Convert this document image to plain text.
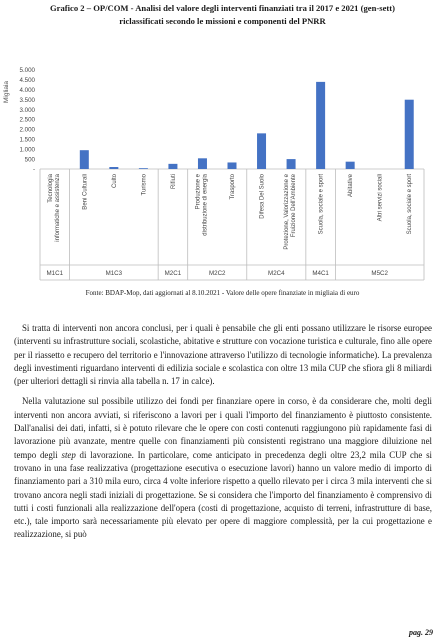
Grafico 2 – OP/COM - Analisi del valore degli interventi finanziati tra il 2017 e 2021 (gen-sett)
riclassificati secondo le missioni e componenti del PNRR
Migliaia
-
500
1.000
1.500
2.000
2.500
3.000
3.500
4.000
4.500
5.000
Tecnologiainformatiche e assistenza	Beni Culturali	Culto	Turismo	Rifiuti	Produzione edistribuzione di energia	Trasporto	Difesa Del Suolo	Protezione, Valorizzazione eFruizione Dell'Ambiente	Scuola, sociale e sport	Abitative	Altri servizi sociali	Scuola, sociale e sport
M1C1	M1C3	M2C1	M2C2	M2C4	M4C1	M5C2
Fonte: BDAP-Mop, dati aggiornati al 8.10.2021 - Valore delle opere finanziate in migliaia di euro

Si tratta di interventi non ancora conclusi, per i quali è pensabile che gli enti possano utilizzare le risorse europee (interventi su infrastrutture sociali, scolastiche, abitative e strutture con vocazione turistica e culturale, fino alle opere per il riassetto e recupero del territorio e l'innovazione attraverso l'utilizzo di tecnologie informatiche). La prevalenza degli investimenti riguardano interventi di edilizia sociale e scolastica con oltre 13 mila CUP che sfiora gli 8 miliardi (per ulteriori dettagli si rinvia alla tabella n. 17 in calce).

Nella valutazione sul possibile utilizzo dei fondi per finanziare opere in corso, è da considerare che, molti degli interventi non ancora avviati, si riferiscono a lavori per i quali l'importo del finanziamento è piuttosto consistente. Dall'analisi dei dati, infatti, si è potuto rilevare che le opere con costi contenuti raggiungono più rapidamente fasi di lavorazione più avanzate, mentre quelle con finanziamenti più consistenti registrano una maggiore diluizione nel tempo degli step di lavorazione. In particolare, come anticipato in precedenza degli oltre 23,2 mila CUP che si trovano in una fase realizzativa (progettazione esecutiva o esecuzione lavori) hanno un valore medio di importo di finanziamento pari a 310 mila euro, circa 4 volte inferiore rispetto a quello rilevato per i circa 3 mila interventi che si trovano ancora negli stadi iniziali di progettazione. Se si considera che l'importo del finanziamento è comprensivo di tutti i costi funzionali alla realizzazione dell'opera (costi di progettazione, acquisto di terreni, infrastrutture di base, etc.), tale importo sarà necessariamente più elevato per opere di maggiore complessità, per la cui progettazione e realizzazione, si può

pag. 29
